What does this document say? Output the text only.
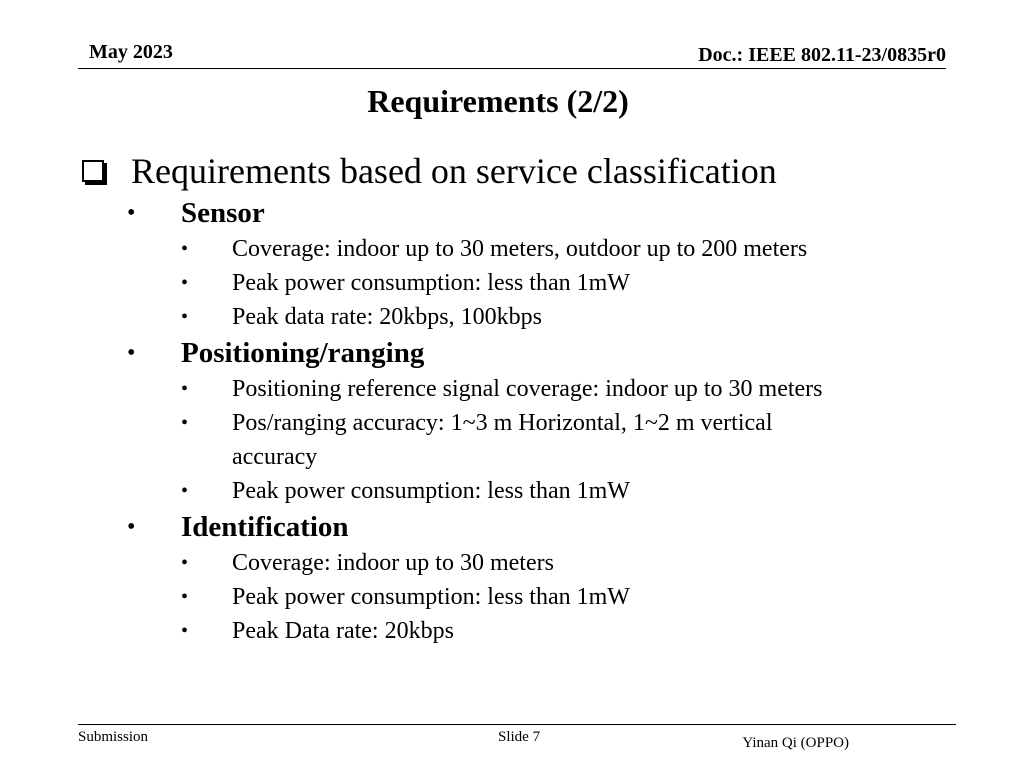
May 2023	Doc.: IEEE 802.11-23/0835r0
Requirements (2/2)
Requirements based on service classification
• Sensor
• Coverage: indoor up to 30 meters, outdoor up to 200 meters
• Peak power consumption: less than 1mW
• Peak data rate: 20kbps, 100kbps
• Positioning/ranging
• Positioning reference signal coverage: indoor up to 30 meters
• Pos/ranging accuracy: 1~3 m Horizontal, 1~2 m vertical
accuracy
• Peak power consumption: less than 1mW
• Identification
• Coverage: indoor up to 30 meters
• Peak power consumption: less than 1mW
• Peak Data rate: 20kbps
Submission	Slide 7	Yinan Qi (OPPO)
